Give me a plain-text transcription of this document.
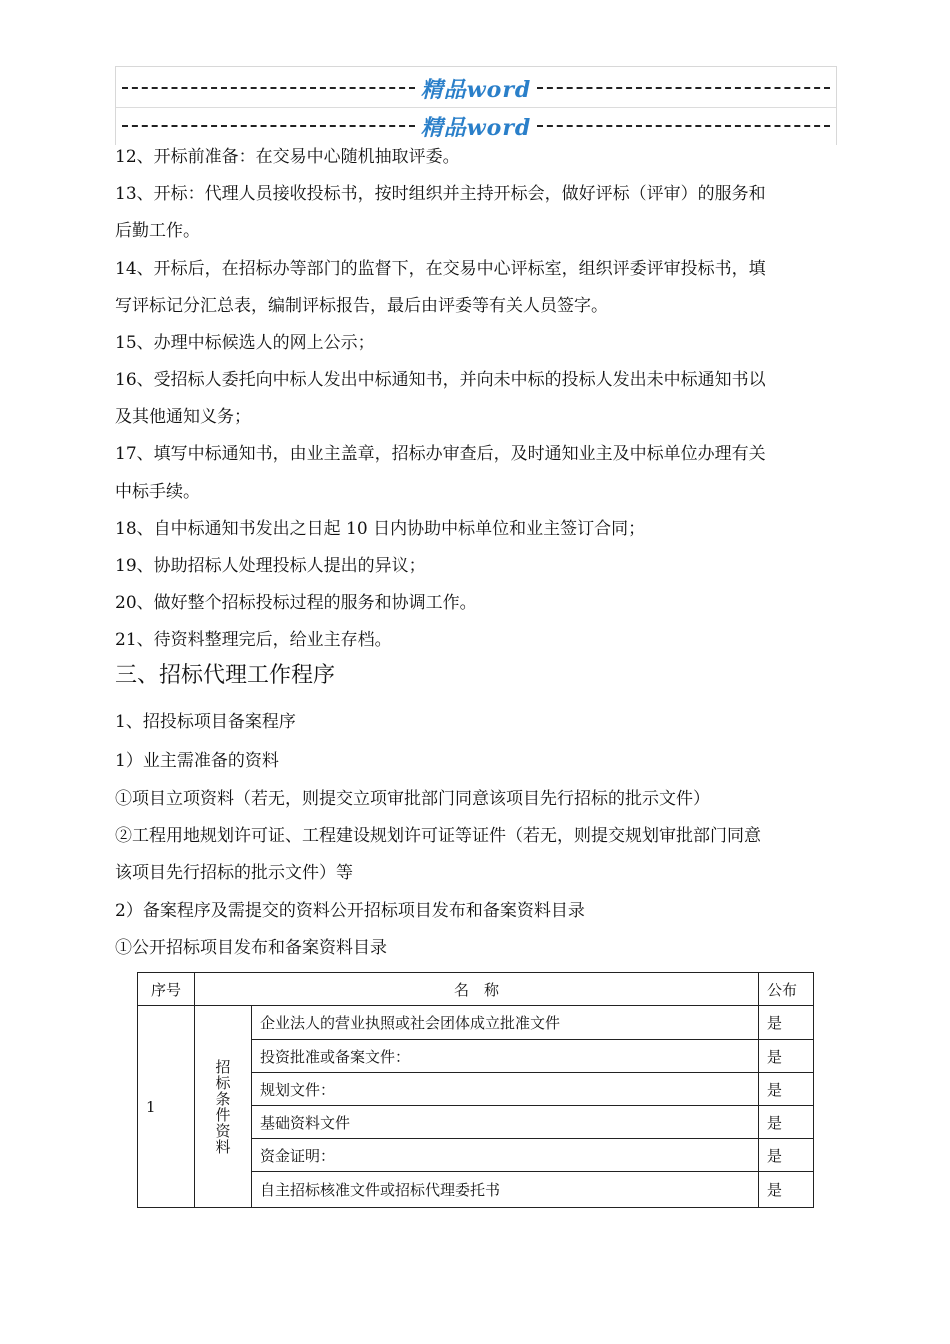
精品word
精品word
12、开标前准备：在交易中心随机抽取评委。
13、开标：代理人员接收投标书，按时组织并主持开标会，做好评标（评审）的服务和
后勤工作。
14、开标后，在招标办等部门的监督下，在交易中心评标室，组织评委评审投标书，填
写评标记分汇总表，编制评标报告，最后由评委等有关人员签字。
15、办理中标候选人的网上公示；
16、受招标人委托向中标人发出中标通知书，并向未中标的投标人发出未中标通知书以
及其他通知义务；
17、填写中标通知书，由业主盖章，招标办审查后，及时通知业主及中标单位办理有关
中标手续。
18、自中标通知书发出之日起 10 日内协助中标单位和业主签订合同；
19、协助招标人处理投标人提出的异议；
20、做好整个招标投标过程的服务和协调工作。
21、待资料整理完后，给业主存档。
三、招标代理工作程序
1、招投标项目备案程序
1）业主需准备的资料
①项目立项资料（若无，则提交立项审批部门同意该项目先行招标的批示文件）
②工程用地规划许可证、工程建设规划许可证等证件（若无，则提交规划审批部门同意
该项目先行招标的批示文件）等
2）备案程序及需提交的资料公开招标项目发布和备案资料目录
①公开招标项目发布和备案资料目录
序号	名　称		公布
1	招标条件资料	企业法人的营业执照或社会团体成立批准文件	是
		投资批准或备案文件：	是
		规划文件：	是
		基础资料文件	是
		资金证明：	是
		自主招标核准文件或招标代理委托书	是
